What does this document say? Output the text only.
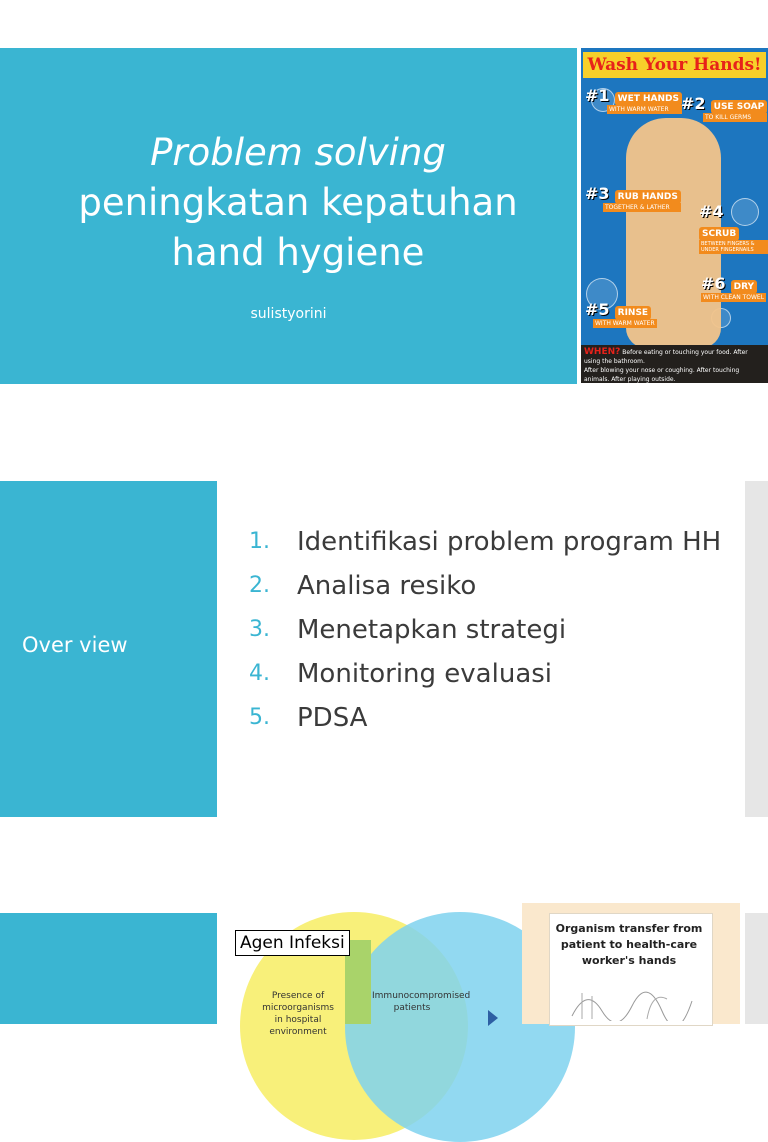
Problem solving
peningkatan kepatuhan
hand hygiene
sulistyorini
Wash Your Hands!
#1 WET HANDS
WITH WARM WATER #2 USE SOAP
TO KILL GERMS
#3 RUB HANDS
TOGETHER & LATHER	#4 SCRUB
BETWEEN FINGERS & UNDER FINGERNAILS
#5 RINSE
WITH WARM WATER
#6 DRY
WITH CLEAN TOWEL
WHEN? Before eating or touching your food. After using the bathroom.
After blowing your nose or coughing. After touching animals. After playing outside.
Over view
1. Identifikasi problem program HH
2. Analisa resiko
3. Menetapkan strategi
4. Monitoring evaluasi
5. PDSA
Agen Infeksi
Presence of microorganisms in hospital environment
Immunocompromised patients
Organism transfer from patient to health-care worker's hands
